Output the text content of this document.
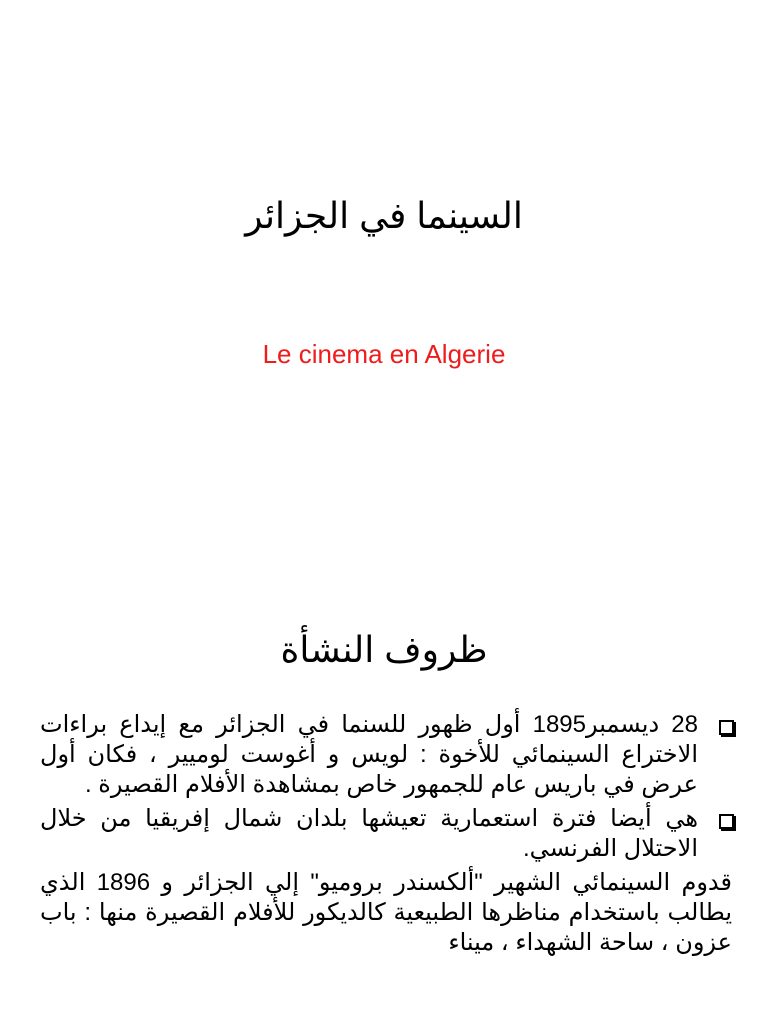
السينما في الجزائر
Le cinema en Algerie
ظروف النشأة
28 ديسمبر1895 أول ظهور للسنما في الجزائر مع إيداع براءات الاختراع السينمائي للأخوة : لويس و أغوست لوميير ، فكان أول عرض في باريس عام للجمهور خاص بمشاهدة الأفلام القصيرة .
هي أيضا فترة استعمارية تعيشها بلدان شمال إفريقيا من خلال الاحتلال الفرنسي.

قدوم السينمائي الشهير "ألكسندر بروميو" إلي الجزائر و 1896 الذي يطالب باستخدام مناظرها الطبيعية كالديكور للأفلام القصيرة منها : باب عزون ، ساحة الشهداء ، ميناء
